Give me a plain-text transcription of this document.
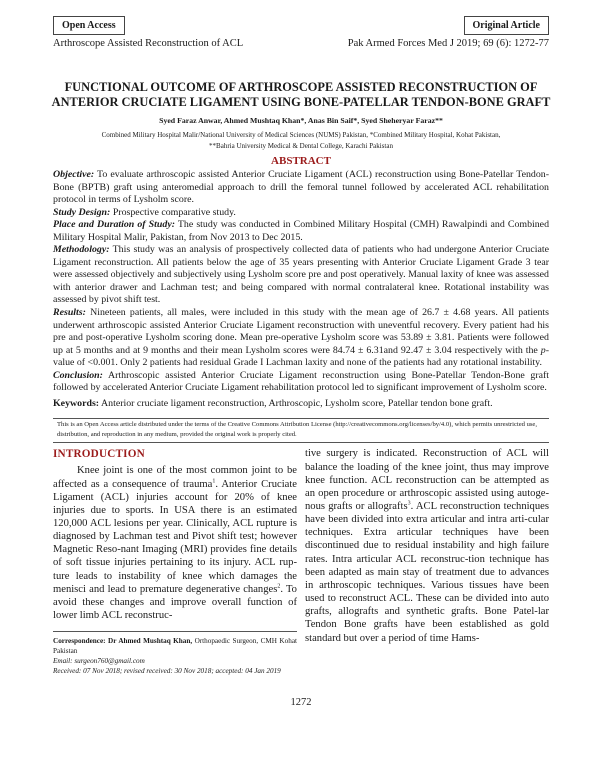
Open Access	Original Article
Arthroscope Assisted Reconstruction of ACL	Pak Armed Forces Med J 2019; 69 (6): 1272-77
FUNCTIONAL OUTCOME OF ARTHROSCOPE ASSISTED RECONSTRUCTION OF
ANTERIOR CRUCIATE LIGAMENT USING BONE-PATELLAR TENDON-BONE GRAFT
Syed Faraz Anwar, Ahmed Mushtaq Khan*, Anas Bin Saif*, Syed Sheheryar Faraz**
Combined Military Hospital Malir/National University of Medical Sciences (NUMS) Pakistan, *Combined Military Hospital, Kohat Pakistan,
**Bahria University Medical & Dental College, Karachi Pakistan
ABSTRACT

Objective: To evaluate arthroscopic assisted Anterior Cruciate Ligament (ACL) reconstruction using Bone-Patellar Tendon-Bone (BPTB) graft using anteromedial approach to drill the femoral tunnel followed by accelerated ACL rehabilitation protocol in terms of Lysholm score.

Study Design: Prospective comparative study.

Place and Duration of Study: The study was conducted in Combined Military Hospital (CMH) Rawalpindi and Combined Military Hospital Malir, Pakistan, from Nov 2013 to Dec 2015.

Methodology: This study was an analysis of prospectively collected data of patients who had undergone Anterior Cruciate Ligament reconstruction. All patients below the age of 35 years presenting with Anterior Cruciate Ligament Grade 3 tear were assessed objectively and subjectively using Lysholm score pre and post operatively. Manual laxity of knee was assessed with anterior drawer and Lachman test; and being compared with normal contralateral knee. Rotational instability was assessed by pivot shift test.

Results: Nineteen patients, all males, were included in this study with the mean age of 26.7 ± 4.68 years. All patients underwent arthroscopic assisted Anterior Cruciate Ligament reconstruction with uneventful recovery. Every patient had his pre and post-operative Lysholm scoring done. Mean pre-operative Lysholm score was 53.89 ± 3.81. Patients were followed up at 5 months and at 9 months and their mean Lysholm scores were 84.74 ± 6.31and 92.47 ± 3.04 respectively with the p-value of <0.001. Only 2 patients had residual Grade I Lachman laxity and none of the patients had any rotational instability.

Conclusion: Arthroscopic assisted Anterior Cruciate Ligament reconstruction using Bone-Patellar Tendon-Bone graft followed by accelerated Anterior Cruciate Ligament rehabilitation protocol led to significant improvement of Lysholm score.

Keywords: Anterior cruciate ligament reconstruction, Arthroscopic, Lysholm score, Patellar tendon bone graft.

This is an Open Access article distributed under the terms of the Creative Commons Attribution License (http://creativecommons.org/licenses/by/4.0), which permits unrestricted use, distribution, and reproduction in any medium, provided the original work is properly cited.
INTRODUCTION

Knee joint is one of the most common joint to be affected as a consequence of trauma$^1$. Anterior Cruciate Ligament (ACL) injuries account for 20% of knee injuries due to sports. In USA there is an estimated 120,000 ACL lesions per year. Clinically, ACL rupture is diagnosed by Lachman test and Pivot shift test; however Magnetic Reso-nant Imaging (MRI) provides fine details of soft tissue injuries pertaining to its injury. ACL rup-ture leads to instability of knee which damages the menisci and lead to premature degenerative changes$^2$. To avoid these changes and improve overall function of lower limb ACL reconstruc-

Correspondence: Dr Ahmed Mushtaq Khan, Orthopaedic Surgeon, CMH Kohat Pakistan
Email: surgeon760@gmail.com
Received: 07 Nov 2018; revised received: 30 Nov 2018; accepted: 04 Jan 2019

tive surgery is indicated. Reconstruction of ACL will balance the loading of the knee joint, thus may improve knee function. ACL reconstruction can be attempted as an open procedure or arthroscopic assisted using autoge-nous grafts or allografts$^3$. ACL reconstruction techniques have been divided into extra articular and intra arti-cular techniques. Extra articular techniques have been discontinued due to residual instability and high failure rates. Intra articular ACL reconstruc-tion technique has been adapted as main stay of treatment due to advances in arthroscopic techniques. Various tissues have been used to reconstruct ACL. These can be divided into auto grafts, allografts and synthetic grafts. Bone Patel-lar Tendon Bone grafts have been established as gold standard but over a period of time Hams-

1272
